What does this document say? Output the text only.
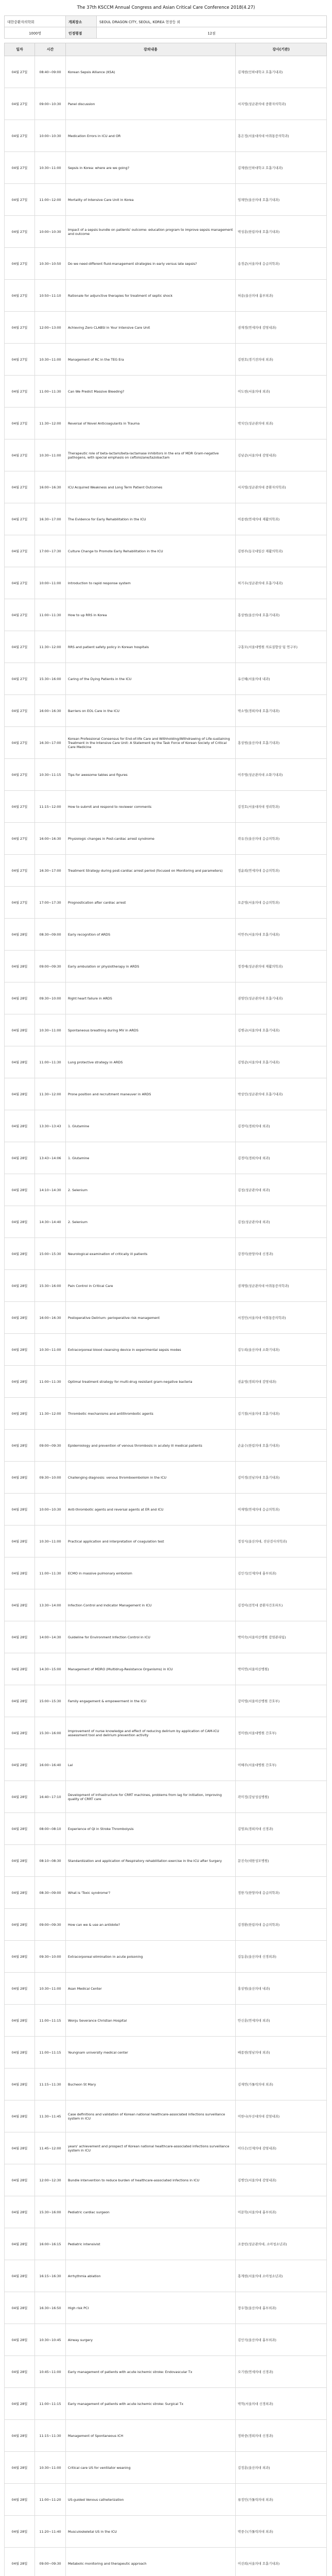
The 37th KSCCM Annual Congress and Asian Critical Care Conference 2018(4.27)
대한중환자의학회	개최장소	SEOUL DRAGON CITY, SEOUL, KOREA 현장등 외
1000명	인정평점	12점
일자	시간	강의내용	강사(기관)
04월 27일	08:40~09:00	Korean Sepsis Alliance (KSA)	김제현(인하대학교 호흡기내과)
04월 27일	09:00~10:30	Panel discussion	서지영(성균관의대 중환자의학과)
04월 27일	10:00~10:30	Medication Errors in ICU and OR	홍은정(서울대의대 마취통증의학과)
04월 27일	10:30~11:00	Sepsis in Korea: where are we going?	김제현(인하대학교 호흡기내과)
04월 27일	11:00~12:00	Mortality of Intensive Care Unit in Korea	임채만(울산의대 호흡기내과)
04월 27일	10:00~10:30	Impact of a sepsis bundle on patients' outcome: education program to improve sepsis management and outcome	박성훈(한림의대 호흡기내과)
04월 27일	10:30~10:50	Do we need different fluid-management strategies in early versus late sepsis?	송경준(서울의대 응급의학과)
04월 27일	10:50~11:10	Rationale for adjunctive therapies for treatment of septic shock	허용(울산의대 흉부외과)
04월 27일	12:00~13:00	Achieving Zero CLABSI in Your Intensive Care Unit	권재경(연세의대 감염내과)
04월 27일	10:30~11:00	Management of RC in the TEG Era	김현호(경기전의대 외과)
04월 27일	11:00~11:30	Can We Predict Massive Bleeding?	이도현(서울의대 외과)
04월 27일	11:30~12:00	Reversal of Novel Anticoagulants in Trauma	박치인(성균관의대 외과)
04월 27일	10:30~11:00	Therapeutic role of beta-lactam/beta-lactamase inhibitors in the era of MDR Gram-negative pathogens, with special emphasis on ceftolozane/tazobactam	김남준(서울의대 감염내과)
04월 27일	16:00~16:30	ICU Acquired Weakness and Long Term Patient Outcomes	서지영(성균관의대 중환자의학과)
04월 27일	16:30~17:00	The Evidence for Early Rehabilitation in the ICU	이종현(연세의대 재활의학과)
04월 27일	17:00~17:30	Culture Change to Promote Early Rehabilitation in the ICU	김현주(동국대일산 재활의학과)
04월 27일	10:00~11:00	Introduction to rapid response system	허기우(성균관의대 호흡기내과)
04월 27일	11:00~11:30	How to up RRS in Korea	홍상범(울산의대 호흡기내과)
04월 27일	11:30~12:00	RRS and patient safety policy in Korean hospitals	구홍모(서울대병원 의료질향상 팀 연구부)
04월 27일	15:30~16:00	Caring of the Dying Patients in the ICU	유신혜(서울의대 내과)
04월 27일	16:00~16:30	Barriers on EOL Care in the ICU	박소영(경희의대 호흡기내과)
04월 27일	16:30~17:00	Korean Professional Consensus for End-of-life Care and Withholding/Withdrawing of Life-sustaining Treatment in the Intensive Care Unit: A Statement by the Task Force of Korean Society of Critical Care Medicine	홍상범(울산의대 호흡기내과)
04월 27일	10:30~11:15	Tips for awesome tables and figures	이주영(성균관의대 소화기내과)
04월 27일	11:15~12:00	How to submit and respond to reviewer comments	김정호(서울대의대 생리학과)
04월 27일	16:00~16:30	Physiologic changes in Post-cardiac arrest syndrome	곽유진(울산의대 응급의학과)
04월 27일	16:30~17:00	Treatment Strategy during post-cardiac arrest period (focused on Monitoring and parameters)	정윤희(연세의대 응급의학과)
04월 27일	17:00~17:30	Prognostication after cardiac arrest	오준영(서울의대 응급의학과)
04월 28일	08:30~09:00	Early recognition of ARDS	이연주(서울의대 호흡기내과)
04월 28일	09:00~09:30	Early ambulation or physiotherapy in ARDS	정경애(성균관의대 재활의학과)
04월 28일	09:30~10:00	Right heart failure in ARDS	권영민(성균관의대 호흡기내과)
04월 28일	10:30~11:00	Spontaneous breathing during MV in ARDS	김병규(서울의대 호흡기내과)
04월 28일	11:00~11:30	Lung protective strategy in ARDS	김영준(서울의대 호흡기내과)
04월 28일	11:30~12:00	Prone position and recruitment maneuver in ARDS	박상민(성균관의대 호흡기내과)
04월 28일	13:30~13:43	1. Glutamine	김경미(경희의대 외과)
04월 28일	13:43~14:06	1. Glutamine	김경미(경희의대 외과)
04월 28일	14:10~14:30	2. Selenium	김칭(성균관의대 외과)
04월 28일	14:30~14:40	2. Selenium	김칭(성균관의대 외과)
04월 28일	15:00~15:30	Neurological examination of critically ill patients	강경미(한양의대 신경과)
04월 28일	15:30~16:00	Pain Control in Critical Care	권재영(성균관의대 마취통증의학과)
04월 28일	16:00~16:30	Postoperative Delirium: perioperative risk management	서정민(서울의대 마취통증의학과)
04월 28일	10:30~11:00	Extracorporeal blood cleansing device in experimental sepsis modes	김두희(울산의대 소화기내과)
04월 28일	11:00~11:30	Optimal treatment strategy for multi-drug resistant gram-negative bacteria	권윤영(경희의대 감염내과)
04월 28일	11:30~12:00	Thrombotic mechanisms and antithrombotic agents	김기철(서울의대 호흡기내과)
04월 28일	09:00~09:30	Epidemiology and prevention of venous thrombosis in acutely ill medical patients	손윤수(한림의대 호흡기내과)
04월 28일	09:30~10:00	Challenging diagnosis: venous thromboembolism in the ICU	김미경(전남의대 호흡기내과)
04월 28일	10:00~10:30	Anti-thrombotic agents and reversal agents at ER and ICU	이재명(연세의대 응급의학과)
04월 28일	10:30~11:00	Practical application and interpretation of coagulation test	정성식(울산의대, 진단검사의학과)
04월 28일	11:00~11:30	ECMO in massive pulmonary embolism	김인석(인제의대 흉부외과)
04월 28일	13:30~14:00	Infection Control and Indicator Management in ICU	김정아(전북대 중환자간호파트)
04월 28일	14:00~14:30	Guideline for Environment Infection Control in ICU	박미숙(서울아산병원 감염관리팀)
04월 28일	14:30~15:00	Management of MDRO (Multidrug-Resistance Organisms) in ICU	박미연(서울아산병원)
04월 28일	15:00~15:30	Family engagement & empowerment in the ICU	강미영(서울아산병원 간호부)
04월 28일	15:30~16:00	Improvement of nurse knowledge and effect of reducing delirium by application of CAM-ICU assessment tool and delirium prevention activity	정미현(서울대병원 간호부)
04월 28일	16:00~16:40	Lal	이혜주(서울대병원 간호부)
04월 28일	16:40~17:10	Development of infrastructure for CRRT machines, problems from lag for initiation, improving quality of CRRT care	곽미정(강남성심병원)
04월 28일	08:00~08:10	Experience of QI in Stroke Thrombolysis	김영표(경희의대 신경과)
04월 28일	08:10~08:30	Standardization and application of Respiratory rehabilitation exercise in the ICU after Surgery	문진숙(대한성모병원)
04월 28일	08:30~09:00	What is 'Toxic syndrome'?	정한기(한양의대 응급의학과)
04월 28일	09:00~09:30	How can we & use an antidote?	김경환(한림의대 응급의학과)
04월 28일	09:30~10:00	Extracorporeal elimination in acute poisoning	김동훈(울산의대 신경외과)
04월 28일	10:30~11:00	Asan Medical Center	홍상범(울산의대 내과)
04월 28일	11:00~11:15	Wonju Severance Christian Hospital	안신훈(연세의대 외과)
04월 28일	11:00~11:15	Yeungnam university medical center	배종현(영남의대 외과)
04월 28일	11:15~11:30	Bucheon St Mary	김재연(가톨릭의대 외과)
04월 28일	11:30~11:45	Case definitions and validation of Korean national healthcare-associated infections surveillance system in ICU	이한나(부산대의대 감염내과)
04월 28일	11:45~12:00	years' achievement and prospect of Korean national healthcare-associated infections surveillance system in ICU	이다은(인제의대 감염내과)
04월 28일	12:00~12:30	Bundle intervention to reduce burden of healthcare-associated infections in ICU	김병인(서울의대 감염내과)
04월 28일	15:30~16:00	Pediatric cardiac surgeon	이문학(서울의대 흉부외과)
04월 28일	16:00~16:15	Pediatric intensivist	조중빈(성균관의대, 소아청소년과)
04월 28일	16:15~16:30	Arrhythmia ablation	홍계현(서울의대 소아청소년과)
04월 28일	16:30~16:50	High risk PCI	장우형(울산의대 흉부외과)
04월 28일	10:30~10:45	Airway surgery	김인석(울산의대 흉부외과)
04월 28일	10:45~11:00	Early management of patients with acute ischemic stroke: Endovascular Tx	오기현(연세의대 신경과)
04월 28일	11:00~11:15	Early management of patients with acute ischemic stroke: Surgical Tx	박혁(서울의대 신경외과)
04월 28일	11:15~11:30	Management of Spontaneous ICH	정하중(경희의대 신경과)
04월 28일	10:30~11:00	Critical care US for ventilator weaning	김정훈(울산의대 외과)
04월 28일	11:00~11:20	US-guided Venous catheterization	류정민(가톨릭의대 외과)
04월 28일	11:20~11:40	Musculoskeletal US in the ICU	박중수(가톨릭의대 외과)
04월 28일	09:00~09:30	Metabolic monitoring and therapeutic approach	이선희(서울의대 호흡기내과)
